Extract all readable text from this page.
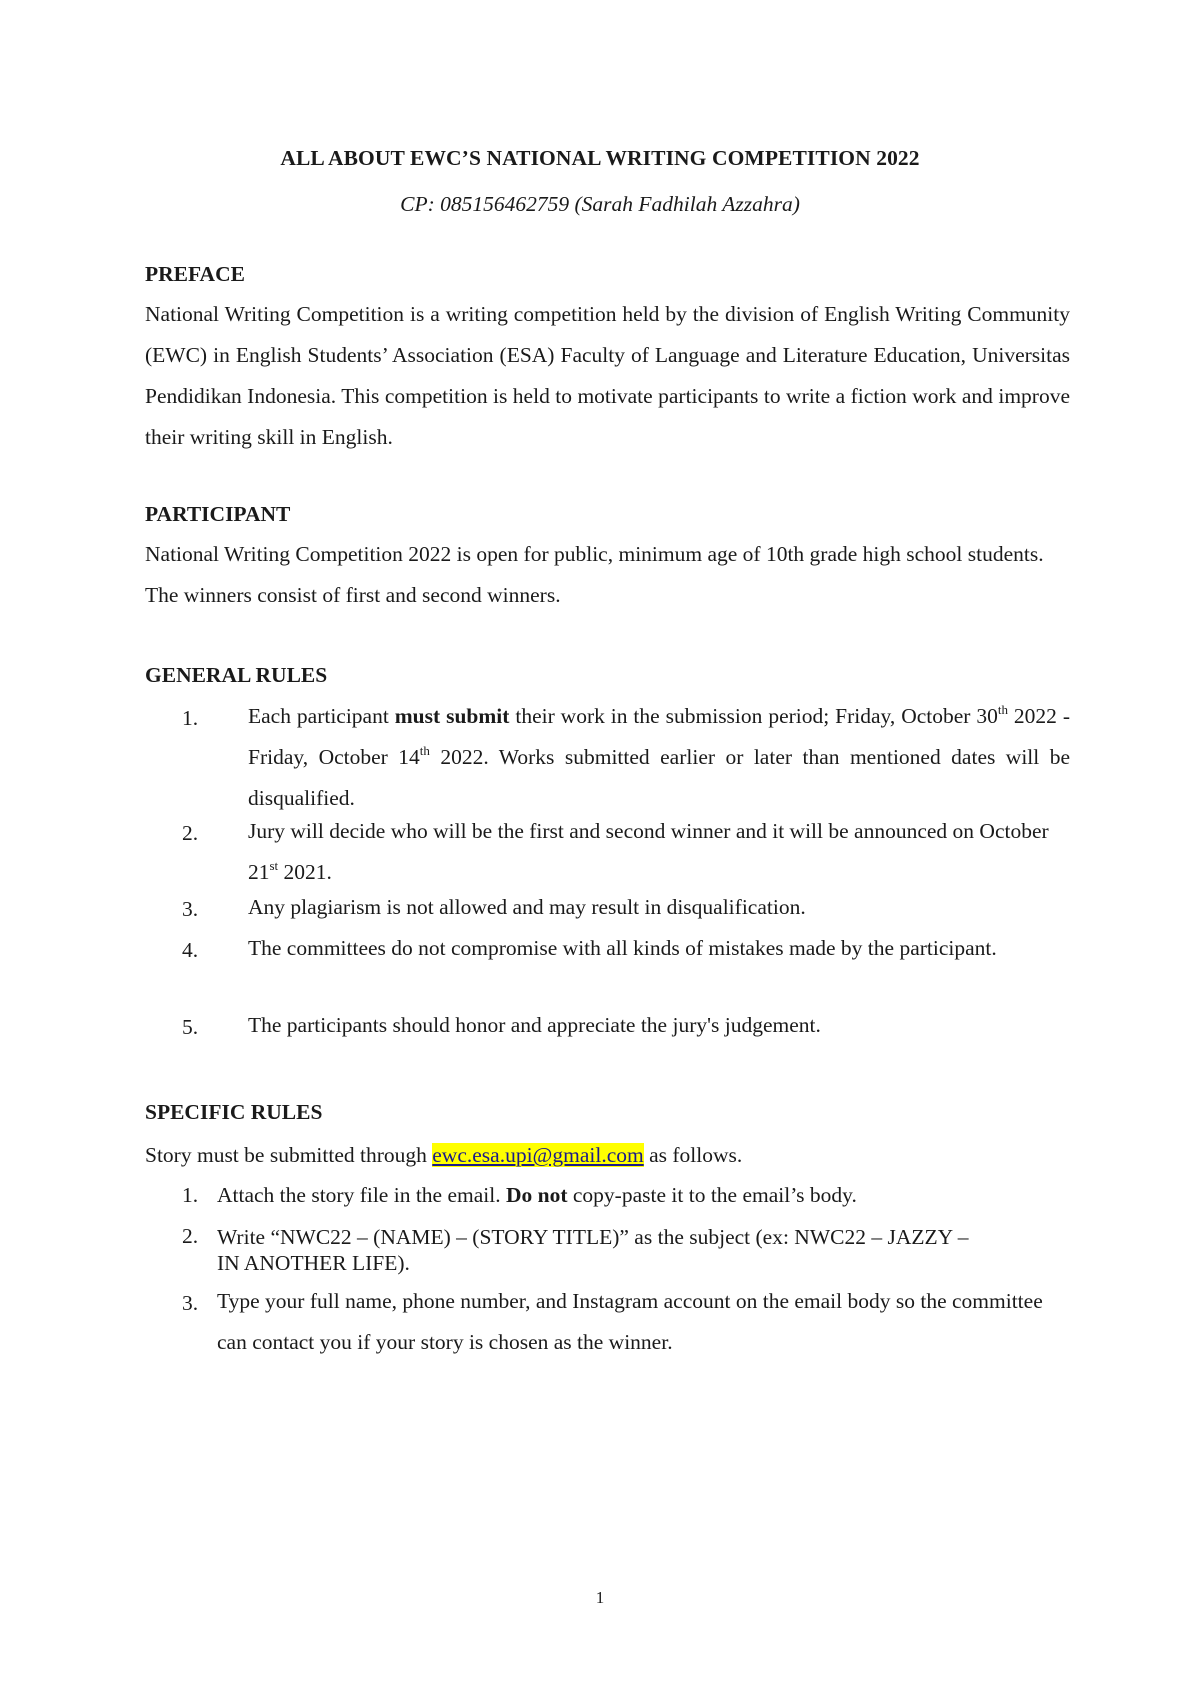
ALL ABOUT EWC’S NATIONAL WRITING COMPETITION 2022
CP: 085156462759 (Sarah Fadhilah Azzahra)
PREFACE
National Writing Competition is a writing competition held by the division of English Writing Community (EWC) in English Students’ Association (ESA) Faculty of Language and Literature Education, Universitas Pendidikan Indonesia. This competition is held to motivate participants to write a fiction work and improve their writing skill in English.
PARTICIPANT
National Writing Competition 2022 is open for public, minimum age of 10th grade high school students. The winners consist of first and second winners.
GENERAL RULES
1. Each participant must submit their work in the submission period; Friday, October 30th 2022 - Friday, October 14th 2022. Works submitted earlier or later than mentioned dates will be disqualified.
2. Jury will decide who will be the first and second winner and it will be announced on October 21st 2021.
3. Any plagiarism is not allowed and may result in disqualification.
4. The committees do not compromise with all kinds of mistakes made by the participant.
5. The participants should honor and appreciate the jury's judgement.
SPECIFIC RULES
Story must be submitted through ewc.esa.upi@gmail.com as follows.
1. Attach the story file in the email. Do not copy-paste it to the email’s body.
2. Write “NWC22 – (NAME) – (STORY TITLE)” as the subject (ex: NWC22 – JAZZY –
IN ANOTHER LIFE).
3. Type your full name, phone number, and Instagram account on the email body so the committee can contact you if your story is chosen as the winner.
1
